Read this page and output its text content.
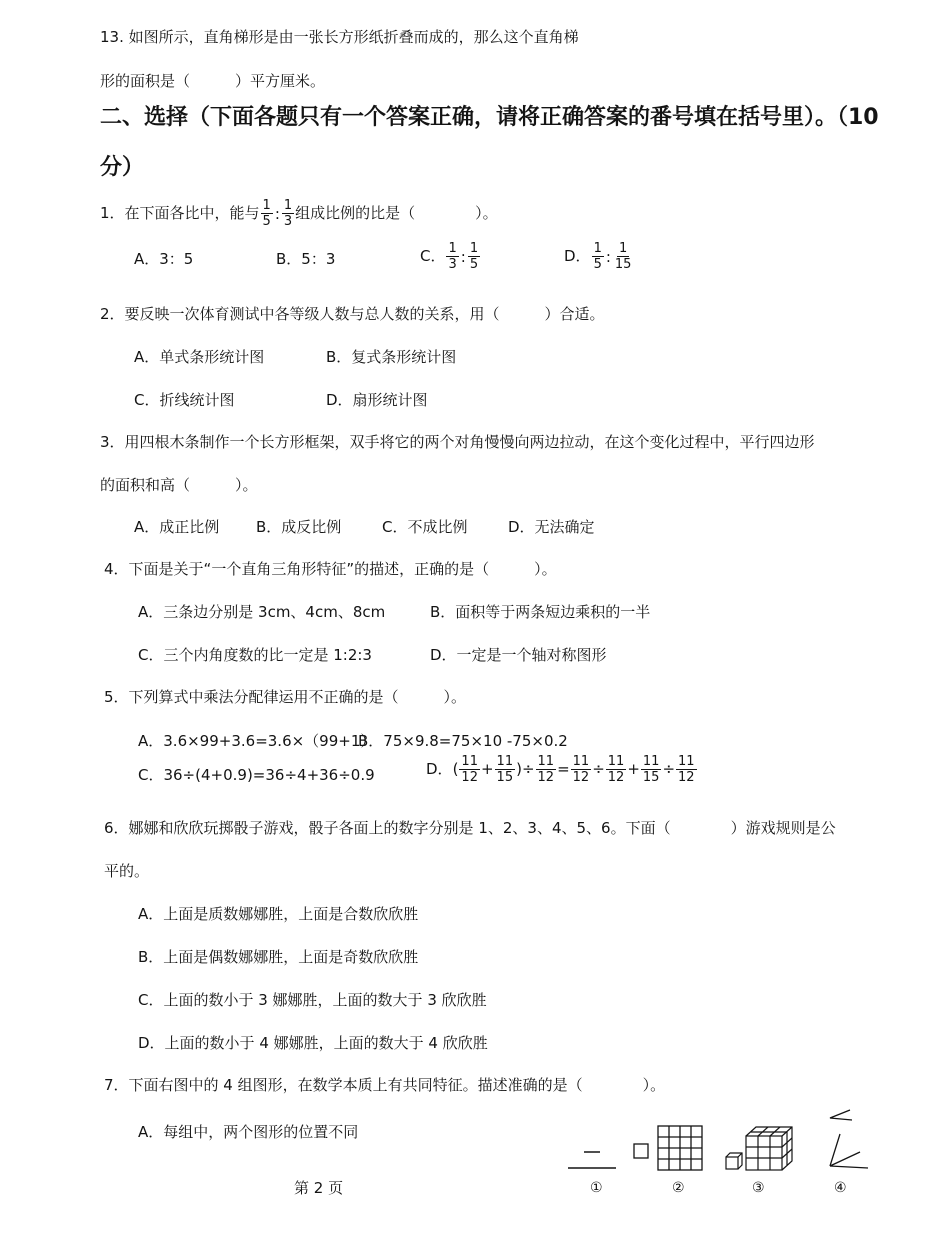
13. 如图所示，直角梯形是由一张长方形纸折叠而成的，那么这个直角梯
形的面积是（　　　）平方厘米。
二、选择（下面各题只有一个答案正确，请将正确答案的番号填在括号里）。（10
分）
1．在下面各比中，能与 $\frac{1}{5}$ : $\frac{1}{3}$ 组成比例的比是（　　　　）。
A．3：5	B．5：3	C． $\frac{1}{3}$ : $\frac{1}{5}$	D． $\frac{1}{5}$ : $\frac{1}{15}$
2．要反映一次体育测试中各等级人数与总人数的关系，用（　　　）合适。
A．单式条形统计图	B．复式条形统计图
C．折线统计图	D．扇形统计图
3．用四根木条制作一个长方形框架，双手将它的两个对角慢慢向两边拉动，在这个变化过程中，平行四边形
的面积和高（　　　）。
A．成正比例 B．成反比例	C．不成比例	D．无法确定
4．下面是关于“一个直角三角形特征”的描述，正确的是（　　　）。
A．三条边分别是 3cm、4cm、8cm	B．面积等于两条短边乘积的一半
C．三个内角度数的比一定是 1:2:3	D．一定是一个轴对称图形
5．下列算式中乘法分配律运用不正确的是（　　　）。
A．3.6×99+3.6=3.6×（99+1）
B．75×9.8=75×10 -75×0.2
C．36÷(4+0.9)=36÷4+36÷0.9	D．( $\frac{11}{12} + \frac{11}{15}$ )÷ $\frac{11}{12} = \frac{11}{12} \div \frac{11}{12} + \frac{11}{15} \div \frac{11}{12}$
6．娜娜和欣欣玩掷骰子游戏，骰子各面上的数字分别是 1、2、3、4、5、6。下面（　　　　）游戏规则是公
平的。
A．上面是质数娜娜胜，上面是合数欣欣胜
B．上面是偶数娜娜胜，上面是奇数欣欣胜
C．上面的数小于 3 娜娜胜，上面的数大于 3 欣欣胜
D．上面的数小于 4 娜娜胜，上面的数大于 4 欣欣胜
7．下面右图中的 4 组图形，在数学本质上有共同特征。描述准确的是（　　　　）。
A．每组中，两个图形的位置不同
①	②	③	④
第 2 页
